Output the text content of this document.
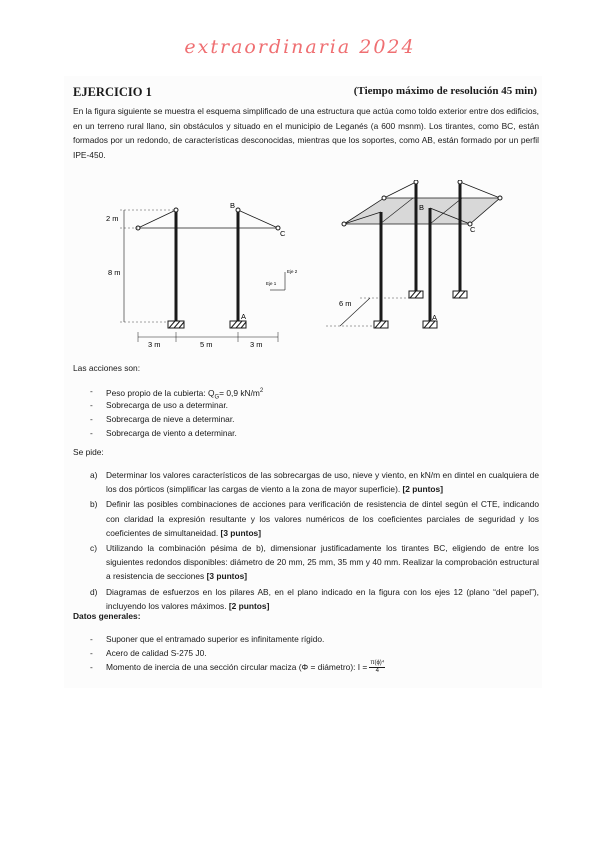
extraordinaria 2024
EJERCICIO 1	(Tiempo máximo de resolución 45 min)
En la figura siguiente se muestra el esquema simplificado de una estructura que actúa como toldo exterior entre dos edificios, en un terreno rural llano, sin obstáculos y situado en el municipio de Leganés (a 600 msnm). Los tirantes, como BC, están formados por un redondo, de características desconocidas, mientras que los soportes, como AB, están formado por un perfil IPE-450.
2 m
8 m
3 m	5 m	3 m
B
C
A
Eje 2
Eje 1
B
C
A
6 m
Las acciones son:
- Peso propio de la cubierta: $Q_G= 0,9$ $kN/m^2$
- Sobrecarga de uso a determinar.
- Sobrecarga de nieve a determinar.
- Sobrecarga de viento a determinar.
Se pide:
a) Determinar los valores característicos de las sobrecargas de uso, nieve y viento, en kN/m en dintel en cualquiera de los dos pórticos (simplificar las cargas de viento a la zona de mayor superficie). [2 puntos]
b) Definir las posibles combinaciones de acciones para verificación de resistencia de dintel según el CTE, indicando con claridad la expresión resultante y los valores numéricos de los coeficientes parciales de seguridad y los coeficientes de simultaneidad. [3 puntos]
c) Utilizando la combinación pésima de b), dimensionar justificadamente los tirantes BC, eligiendo de entre los siguientes redondos disponibles: diámetro de 20 mm, 25 mm, 35 mm y 40 mm. Realizar la comprobación estructural a resistencia de secciones [3 puntos]
d) Diagramas de esfuerzos en los pilares AB, en el plano indicado en la figura con los ejes 12 (plano “del papel”), incluyendo los valores máximos. [2 puntos]
Datos generales:
- Suponer que el entramado superior es infinitamente rígido.
- Acero de calidad S-275 J0.
- Momento de inercia de una sección circular maciza (Φ = diámetro): $I = \frac{\text{π(ϕ)⁴}}{4}$
